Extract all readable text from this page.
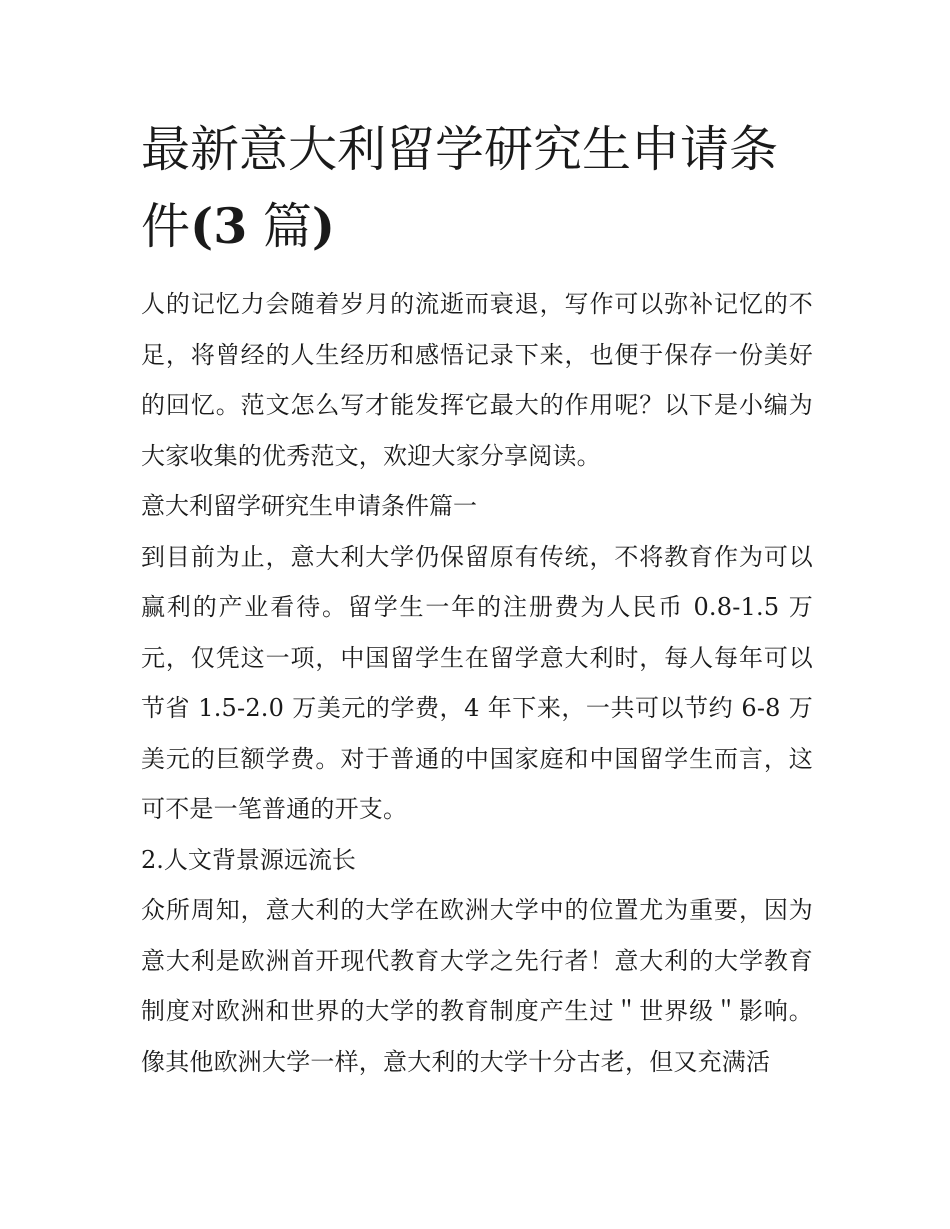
最新意大利留学研究生申请条
件(3 篇)

人的记忆力会随着岁月的流逝而衰退，写作可以弥补记忆的不足，将曾经的人生经历和感悟记录下来，也便于保存一份美好的回忆。范文怎么写才能发挥它最大的作用呢？以下是小编为大家收集的优秀范文，欢迎大家分享阅读。

意大利留学研究生申请条件篇一

到目前为止，意大利大学仍保留原有传统，不将教育作为可以赢利的产业看待。留学生一年的注册费为人民币 0.8-1.5 万元，仅凭这一项，中国留学生在留学意大利时，每人每年可以节省 1.5-2.0 万美元的学费，4 年下来，一共可以节约 6-8 万美元的巨额学费。对于普通的中国家庭和中国留学生而言，这可不是一笔普通的开支。

2.人文背景源远流长

众所周知，意大利的大学在欧洲大学中的位置尤为重要，因为意大利是欧洲首开现代教育大学之先行者！意大利的大学教育制度对欧洲和世界的大学的教育制度产生过＂世界级＂影响。像其他欧洲大学一样，意大利的大学十分古老，但又充满活
